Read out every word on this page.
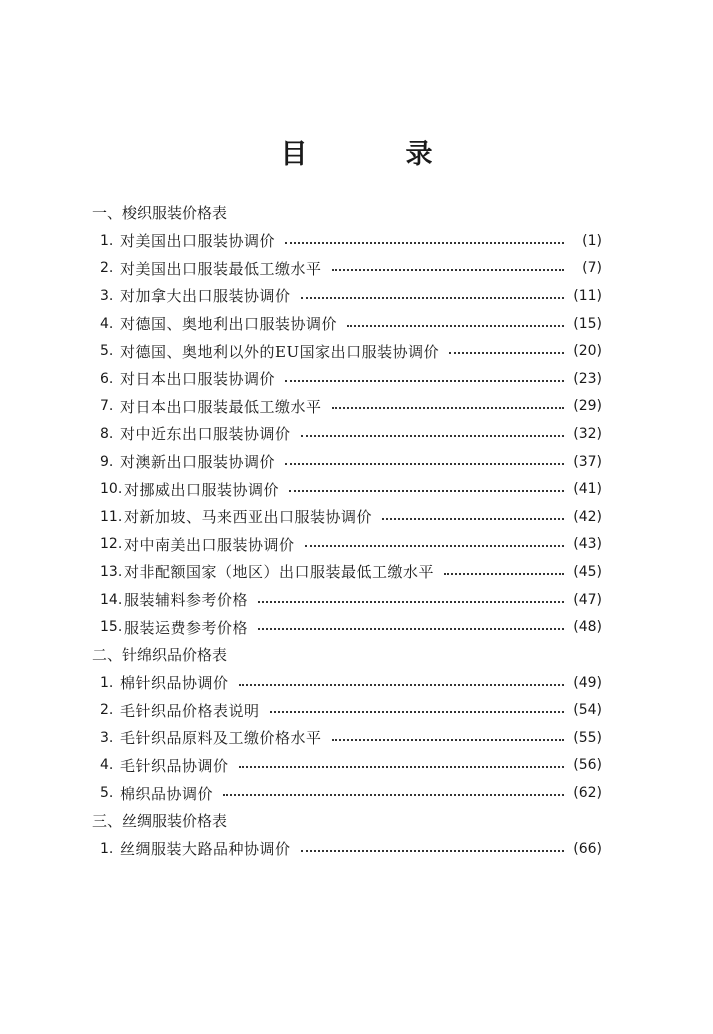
目	录
一、梭织服装价格表
1. 对美国出口服装协调价	(1)
2. 对美国出口服装最低工缴水平	(7)
3. 对加拿大出口服装协调价	(11)
4. 对德国、奥地利出口服装协调价	(15)
5. 对德国、奥地利以外的EU国家出口服装协调价	(20)
6. 对日本出口服装协调价	(23)
7. 对日本出口服装最低工缴水平	(29)
8. 对中近东出口服装协调价	(32)
9. 对澳新出口服装协调价	(37)
10. 对挪威出口服装协调价	(41)
11. 对新加坡、马来西亚出口服装协调价	(42)
12. 对中南美出口服装协调价	(43)
13. 对非配额国家（地区）出口服装最低工缴水平	(45)
14. 服装辅料参考价格	(47)
15. 服装运费参考价格	(48)
二、针绵织品价格表
1. 棉针织品协调价	(49)
2. 毛针织品价格表说明	(54)
3. 毛针织品原料及工缴价格水平	(55)
4. 毛针织品协调价	(56)
5. 棉织品协调价	(62)
三、丝绸服装价格表
1. 丝绸服装大路品种协调价	(66)
